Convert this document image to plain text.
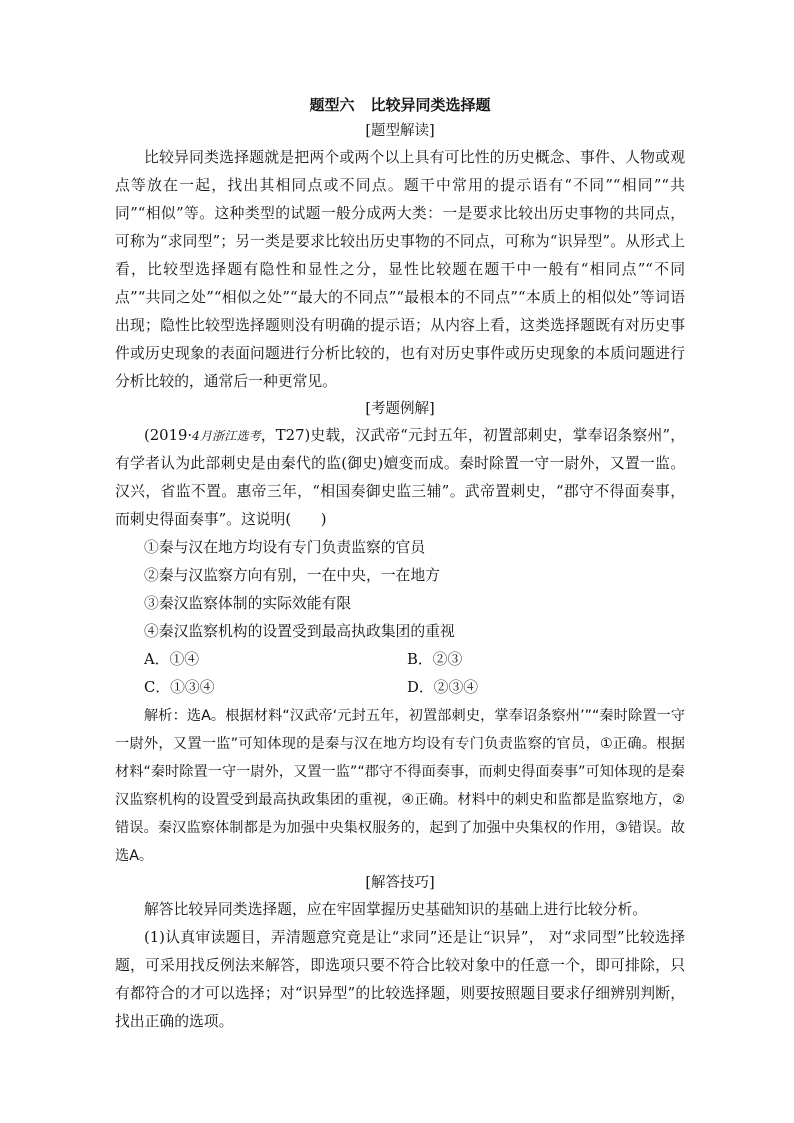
题型六 比较异同类选择题

[题型解读]

比较异同类选择题就是把两个或两个以上具有可比性的历史概念、事件、人物或观点等放在一起，找出其相同点或不同点。题干中常用的提示语有“不同”“相同”“共同”“相似”等。这种类型的试题一般分成两大类：一是要求比较出历史事物的共同点，可称为“求同型”；另一类是要求比较出历史事物的不同点，可称为“识异型”。从形式上看，比较型选择题有隐性和显性之分，显性比较题在题干中一般有“相同点”“不同点”“共同之处”“相似之处”“最大的不同点”“最根本的不同点”“本质上的相似处”等词语出现；隐性比较型选择题则没有明确的提示语；从内容上看，这类选择题既有对历史事件或历史现象的表面问题进行分析比较的，也有对历史事件或历史现象的本质问题进行分析比较的，通常后一种更常见。

[考题例解]

(2019·4月浙江选考，T27)史载，汉武帝“元封五年，初置部刺史，掌奉诏条察州”，有学者认为此部刺史是由秦代的监(御史)嬗变而成。秦时除置一守一尉外，又置一监。汉兴，省监不置。惠帝三年，“相国奏御史监三辅”。武帝置刺史，“郡守不得面奏事，而刺史得面奏事”。这说明(　　)

①秦与汉在地方均设有专门负责监察的官员

②秦与汉监察方向有别，一在中央，一在地方

③秦汉监察体制的实际效能有限

④秦汉监察机构的设置受到最高执政集团的重视

A．①④	B．②③
C．①③④	D．②③④

解析：选A。根据材料“汉武帝‘元封五年，初置部刺史，掌奉诏条察州’”“秦时除置一守一尉外，又置一监”可知体现的是秦与汉在地方均设有专门负责监察的官员，①正确。根据材料“秦时除置一守一尉外，又置一监”“郡守不得面奏事，而刺史得面奏事”可知体现的是秦汉监察机构的设置受到最高执政集团的重视，④正确。材料中的刺史和监都是监察地方，②错误。秦汉监察体制都是为加强中央集权服务的，起到了加强中央集权的作用，③错误。故选A。

[解答技巧]

解答比较异同类选择题，应在牢固掌握历史基础知识的基础上进行比较分析。

(1)认真审读题目，弄清题意究竟是让“求同”还是让“识异”， 对“求同型”比较选择题，可采用找反例法来解答，即选项只要不符合比较对象中的任意一个，即可排除，只有都符合的才可以选择；对“识异型”的比较选择题，则要按照题目要求仔细辨别判断，找出正确的选项。
